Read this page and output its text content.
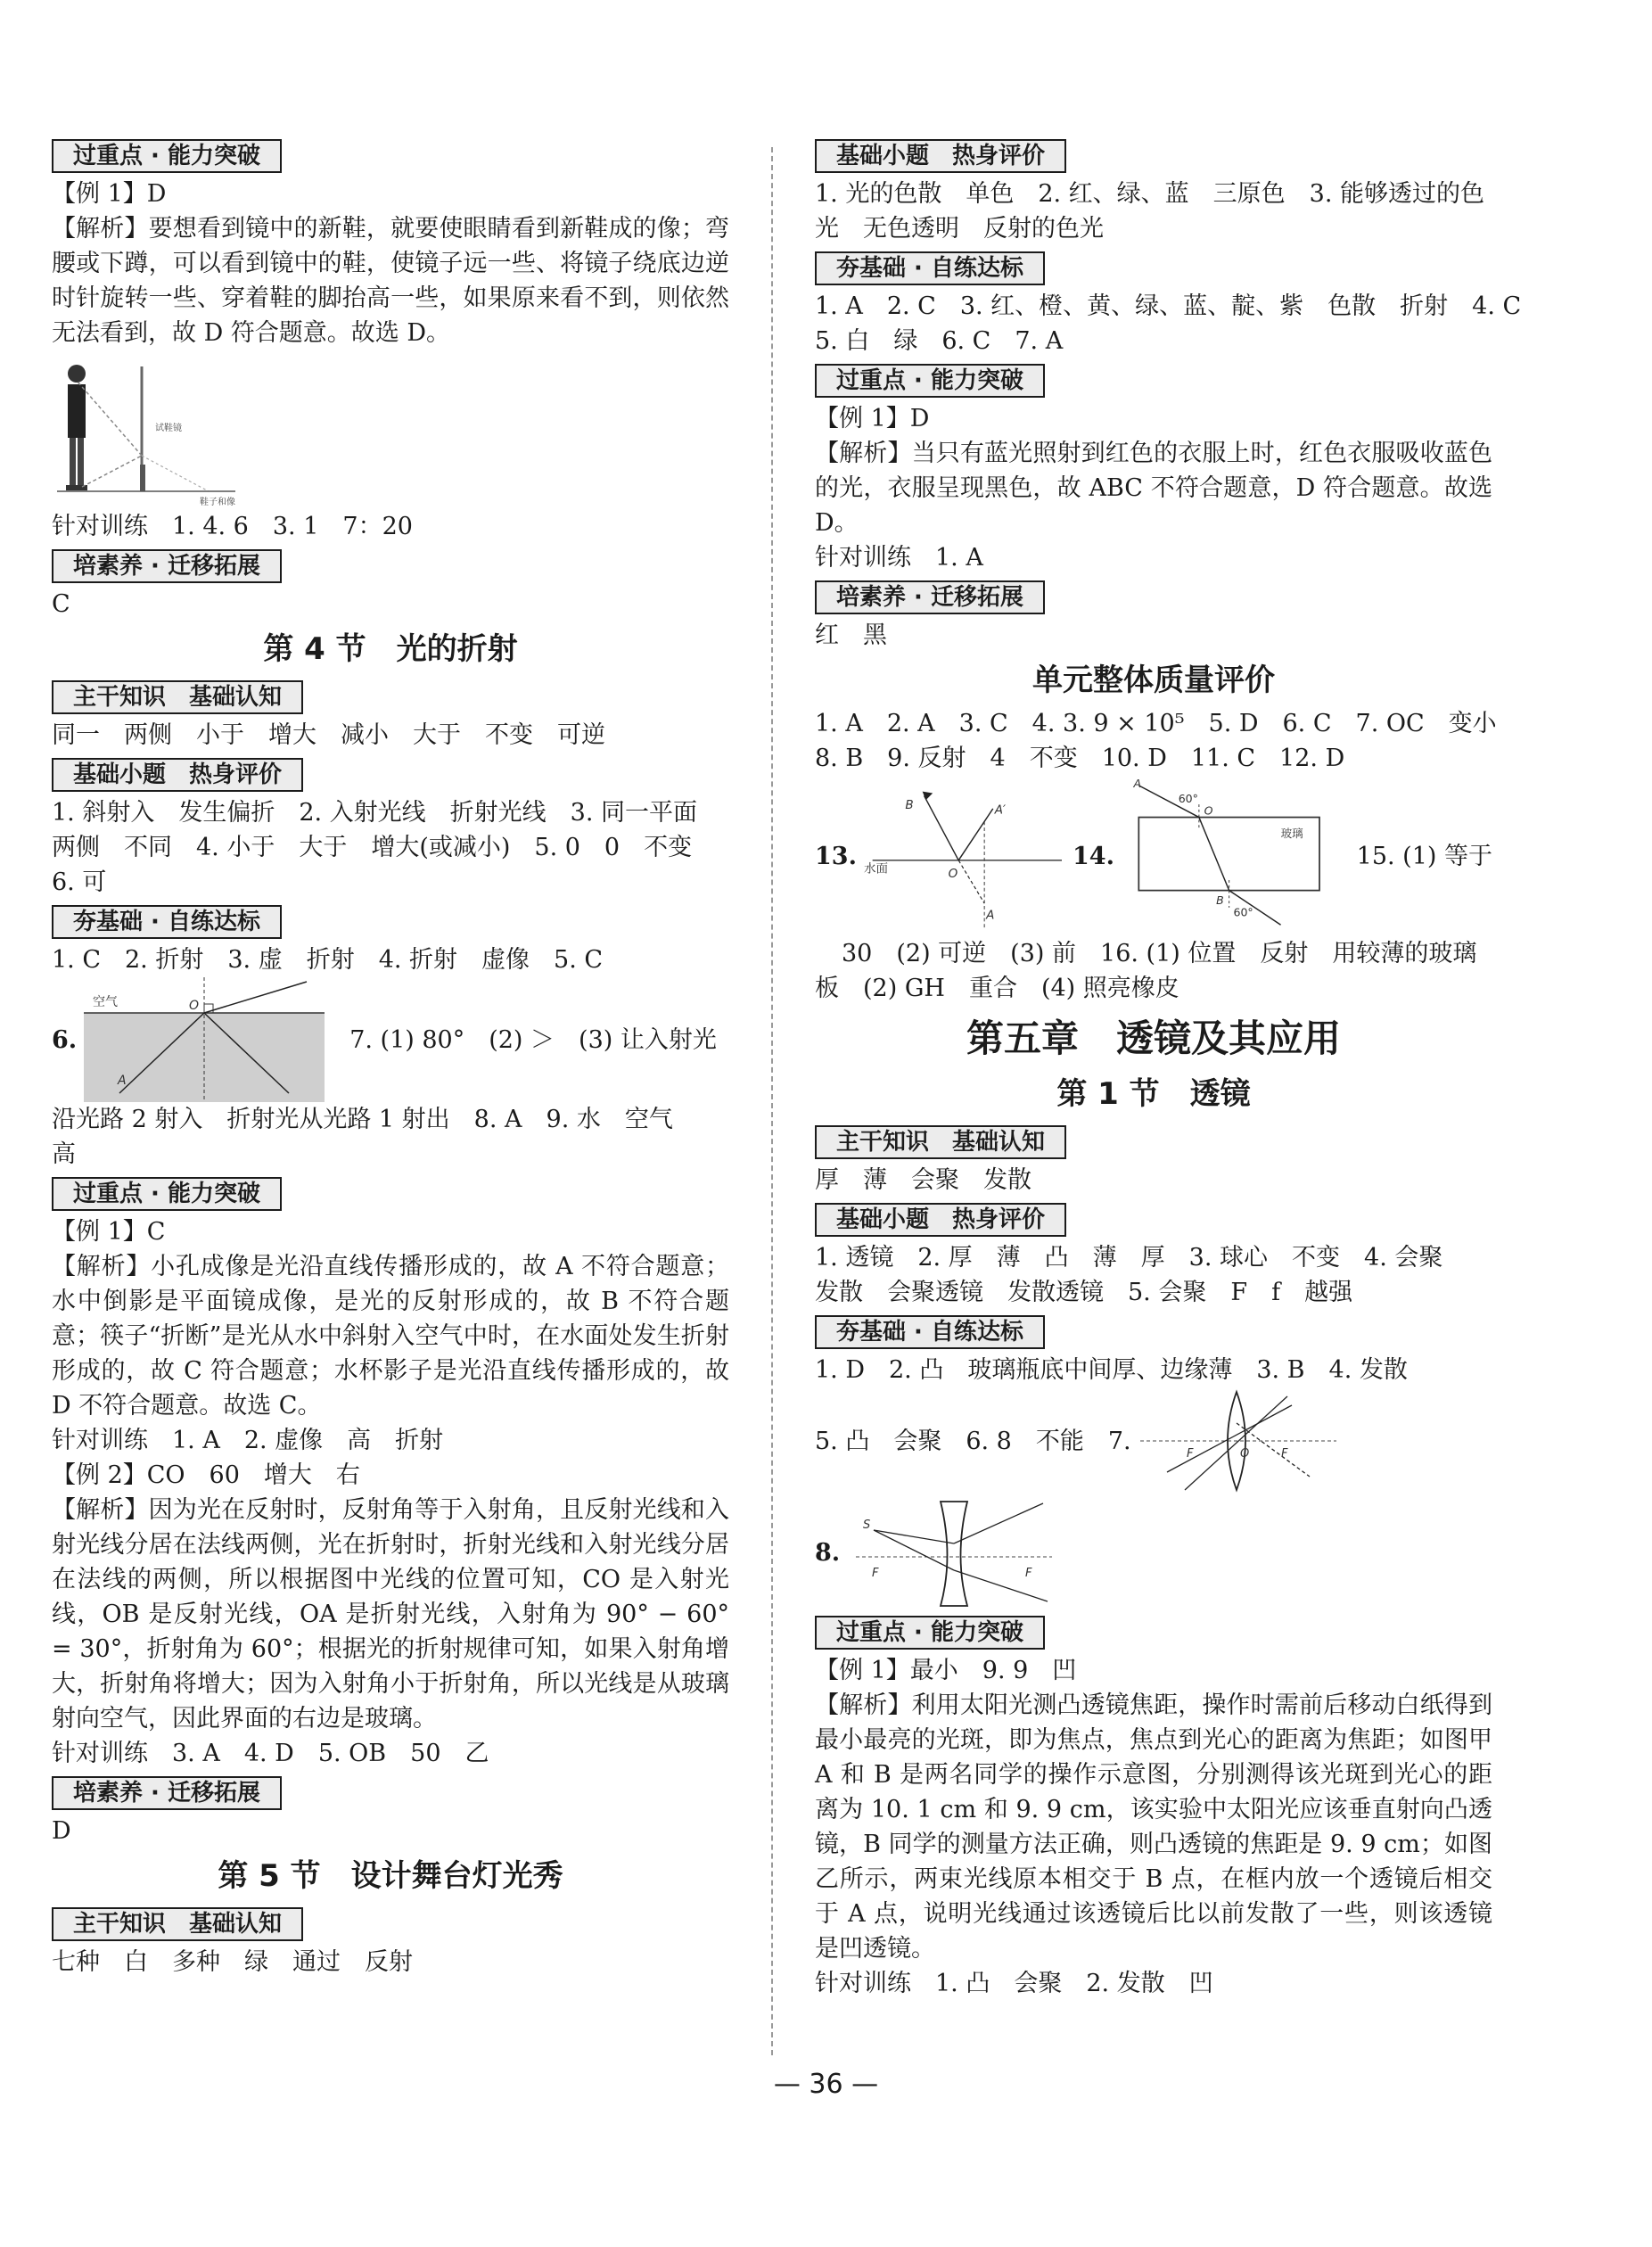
过重点 · 能力突破

【例 1】D

【解析】要想看到镜中的新鞋，就要使眼睛看到新鞋成的像；弯腰或下蹲，可以看到镜中的鞋，使镜子远一些、将镜子绕底边逆时针旋转一些、穿着鞋的脚抬高一些，如果原来看不到，则依然无法看到，故 D 符合题意。故选 D。

试鞋镜
鞋子和像

针对训练　1. 4. 6　3. 1　7：20

培素养 · 迁移拓展

C

第 4 节　光的折射
主干知识　基础认知

同一　两侧　小于　增大　减小　大于　不变　可逆

基础小题　热身评价

1. 斜射入　发生偏折　2. 入射光线　折射光线　3. 同一平面

两侧　不同　4. 小于　大于　增大(或减小)　5. 0　0　不变

6. 可

夯基础 · 自练达标

1. C　2. 折射　3. 虚　折射　4. 折射　虚像　5. C

6.
空气	O
A
7. (1) 80°　(2) ＞　(3) 让入射光

沿光路 2 射入　折射光从光路 1 射出　8. A　9. 水　空气

高

过重点 · 能力突破

【例 1】C

【解析】小孔成像是光沿直线传播形成的，故 A 不符合题意；水中倒影是平面镜成像，是光的反射形成的，故 B 不符合题意；筷子“折断”是光从水中斜射入空气中时，在水面处发生折射形成的，故 C 符合题意；水杯影子是光沿直线传播形成的，故 D 不符合题意。故选 C。

针对训练　1. A　2. 虚像　高　折射

【例 2】CO　60　增大　右

【解析】因为光在反射时，反射角等于入射角，且反射光线和入射光线分居在法线两侧，光在折射时，折射光线和入射光线分居在法线的两侧，所以根据图中光线的位置可知，CO 是入射光线，OB 是反射光线，OA 是折射光线，入射角为 90° − 60° = 30°，折射角为 60°；根据光的折射规律可知，如果入射角增大，折射角将增大；因为入射角小于折射角，所以光线是从玻璃射向空气，因此界面的右边是玻璃。

针对训练　3. A　4. D　5. OB　50　乙

培素养 · 迁移拓展

D

第 5 节　设计舞台灯光秀
主干知识　基础认知

七种　白　多种　绿　通过　反射

基础小题　热身评价

1. 光的色散　单色　2. 红、绿、蓝　三原色　3. 能够透过的色

光　无色透明　反射的色光

夯基础 · 自练达标

1. A　2. C　3. 红、橙、黄、绿、蓝、靛、紫　色散　折射　4. C

5. 白　绿　6. C　7. A

过重点 · 能力突破

【例 1】D

【解析】当只有蓝光照射到红色的衣服上时，红色衣服吸收蓝色的光，衣服呈现黑色，故 ABC 不符合题意，D 符合题意。故选 D。

针对训练　1. A

培素养 · 迁移拓展

红　黑

单元整体质量评价

1. A　2. A　3. C　4. 3. 9 × 10⁵　5. D　6. C　7. OC　变小

8. B　9. 反射　4　不变　10. D　11. C　12. D

13. 水面
B	A′
O
A
14.
A
60°
O
玻璃
B
60°
15. (1) 等于

30　(2) 可逆　(3) 前　16. (1) 位置　反射　用较薄的玻璃

板　(2) GH　重合　(4) 照亮橡皮

第五章　透镜及其应用
第 1 节　透镜
主干知识　基础认知

厚　薄　会聚　发散

基础小题　热身评价

1. 透镜　2. 厚　薄　凸　薄　厚　3. 球心　不变　4. 会聚

发散　会聚透镜　发散透镜　5. 会聚　F　f　越强

夯基础 · 自练达标

1. D　2. 凸　玻璃瓶底中间厚、边缘薄　3. B　4. 发散

5. 凸　会聚　6. 8　不能　7.	F	F
O
8.
S
F	F
过重点 · 能力突破

【例 1】最小　9. 9　凹

【解析】利用太阳光测凸透镜焦距，操作时需前后移动白纸得到最小最亮的光斑，即为焦点，焦点到光心的距离为焦距；如图甲 A 和 B 是两名同学的操作示意图，分别测得该光斑到光心的距离为 10. 1 cm 和 9. 9 cm，该实验中太阳光应该垂直射向凸透镜，B 同学的测量方法正确，则凸透镜的焦距是 9. 9 cm；如图乙所示，两束光线原本相交于 B 点，在框内放一个透镜后相交于 A 点，说明光线通过该透镜后比以前发散了一些，则该透镜是凹透镜。

针对训练　1. 凸　会聚　2. 发散　凹

— 36 —
